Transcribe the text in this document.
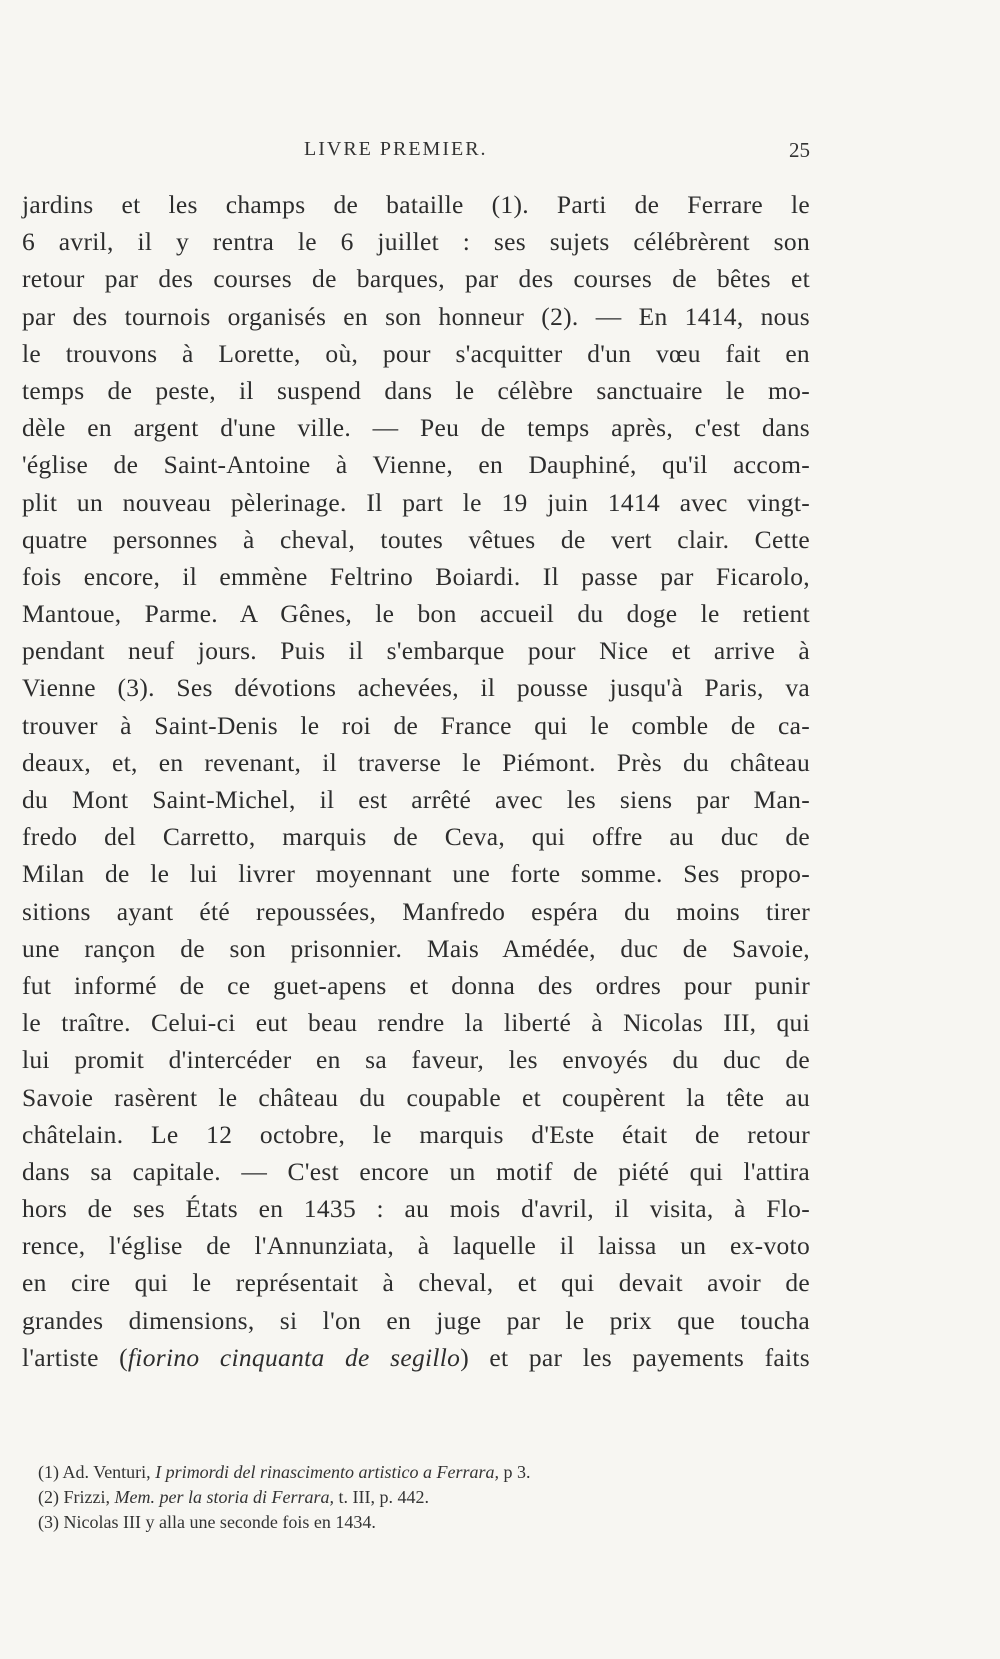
LIVRE PREMIER.	25
jardins et les champs de bataille (1). Parti de Ferrare le
6 avril, il y rentra le 6 juillet : ses sujets célébrèrent son
retour par des courses de barques, par des courses de bêtes et
par des tournois organisés en son honneur (2). — En 1414, nous
le trouvons à Lorette, où, pour s'acquitter d'un vœu fait en
temps de peste, il suspend dans le célèbre sanctuaire le mo-
dèle en argent d'une ville. — Peu de temps après, c'est dans
'église de Saint-Antoine à Vienne, en Dauphiné, qu'il accom-
plit un nouveau pèlerinage. Il part le 19 juin 1414 avec vingt-
quatre personnes à cheval, toutes vêtues de vert clair. Cette
fois encore, il emmène Feltrino Boiardi. Il passe par Ficarolo,
Mantoue, Parme. A Gênes, le bon accueil du doge le retient
pendant neuf jours. Puis il s'embarque pour Nice et arrive à
Vienne (3). Ses dévotions achevées, il pousse jusqu'à Paris, va
trouver à Saint-Denis le roi de France qui le comble de ca-
deaux, et, en revenant, il traverse le Piémont. Près du château
du Mont Saint-Michel, il est arrêté avec les siens par Man-
fredo del Carretto, marquis de Ceva, qui offre au duc de
Milan de le lui livrer moyennant une forte somme. Ses propo-
sitions ayant été repoussées, Manfredo espéra du moins tirer
une rançon de son prisonnier. Mais Amédée, duc de Savoie,
fut informé de ce guet-apens et donna des ordres pour punir
le traître. Celui-ci eut beau rendre la liberté à Nicolas III, qui
lui promit d'intercéder en sa faveur, les envoyés du duc de
Savoie rasèrent le château du coupable et coupèrent la tête au
châtelain. Le 12 octobre, le marquis d'Este était de retour
dans sa capitale. — C'est encore un motif de piété qui l'attira
hors de ses États en 1435 : au mois d'avril, il visita, à Flo-
rence, l'église de l'Annunziata, à laquelle il laissa un ex-voto
en cire qui le représentait à cheval, et qui devait avoir de
grandes dimensions, si l'on en juge par le prix que toucha
l'artiste (fiorino cinquanta de segillo) et par les payements faits
(1) Ad. Venturi, I primordi del rinascimento artistico a Ferrara, p 3.
(2) Frizzi, Mem. per la storia di Ferrara, t. III, p. 442.
(3) Nicolas III y alla une seconde fois en 1434.
